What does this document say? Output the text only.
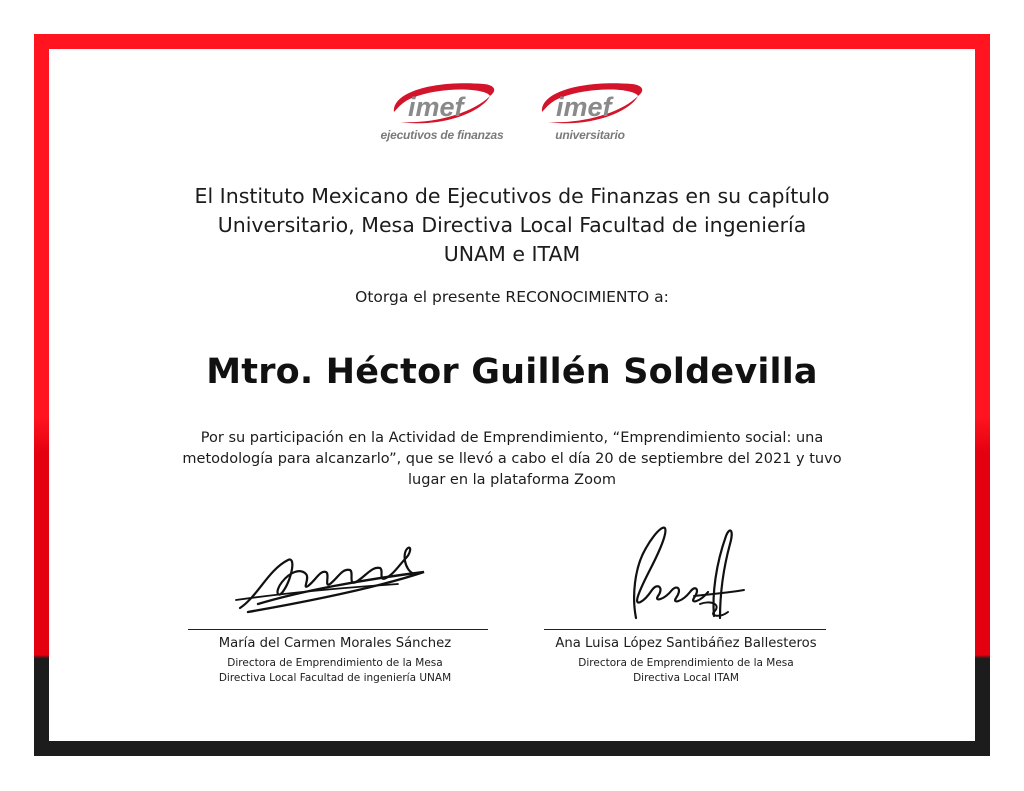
imef
ejecutivos de finanzas
imef
universitario
El Instituto Mexicano de Ejecutivos de Finanzas en su capítulo
Universitario, Mesa Directiva Local Facultad de ingeniería
UNAM e ITAM
Otorga el presente RECONOCIMIENTO a:
Mtro. Héctor Guillén Soldevilla
Por su participación en la Actividad de Emprendimiento, “Emprendimiento social: una
metodología para alcanzarlo”, que se llevó a cabo el día 20 de septiembre del 2021 y tuvo
lugar en la plataforma Zoom
María del Carmen Morales Sánchez
Directora de Emprendimiento de la Mesa
Directiva Local Facultad de ingeniería UNAM
Ana Luisa López Santibáñez Ballesteros
Directora de Emprendimiento de la Mesa
Directiva Local ITAM
